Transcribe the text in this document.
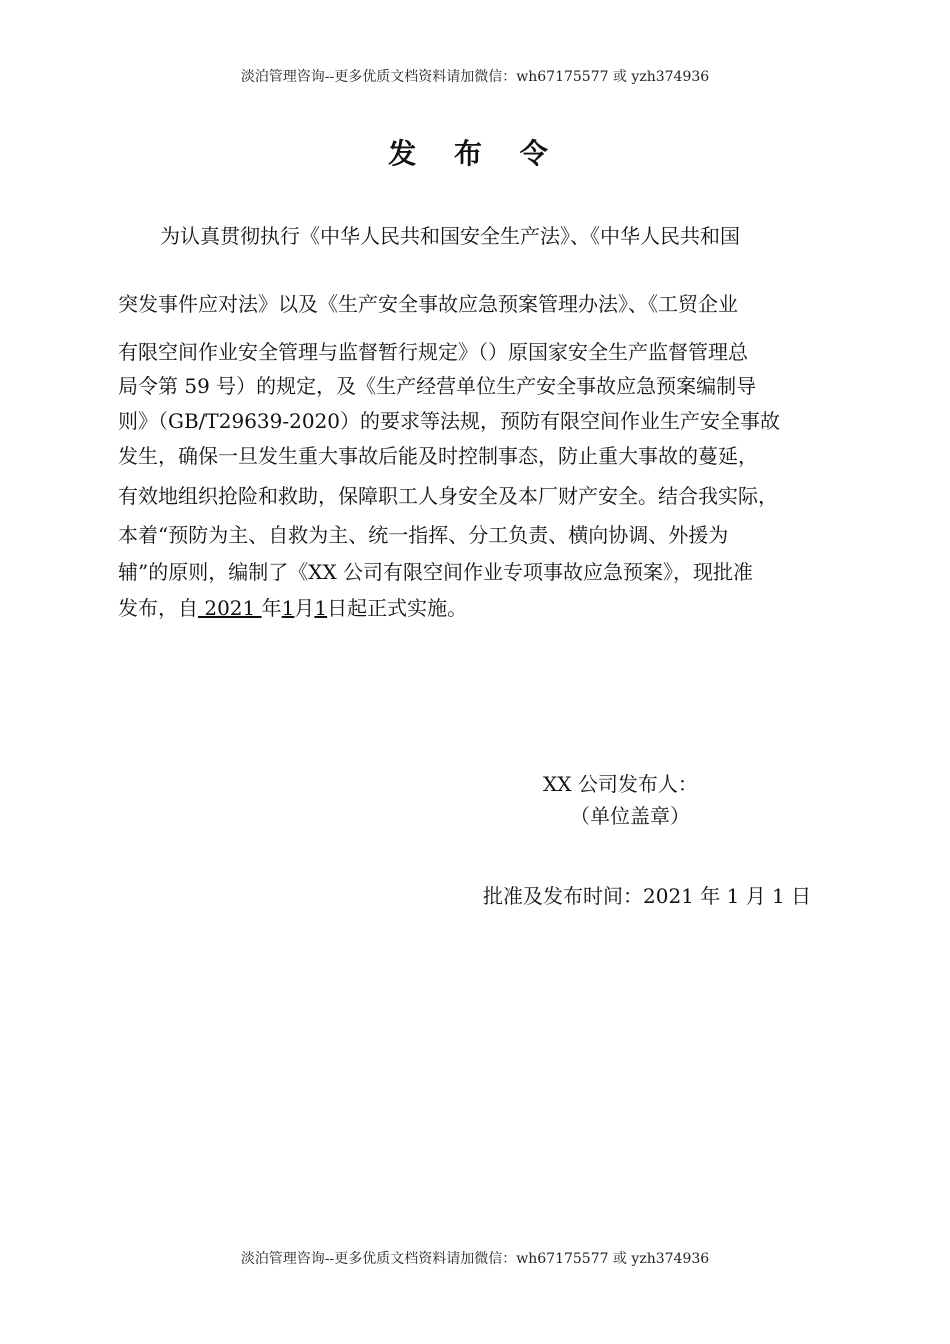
淡泊管理咨询--更多优质文档资料请加微信：wh67175577 或 yzh374936
发 布 令
为认真贯彻执行《中华人民共和国安全生产法》、《中华人民共和国
突发事件应对法》以及《生产安全事故应急预案管理办法》、《工贸企业
有限空间作业安全管理与监督暂行规定》（）原国家安全生产监督管理总
局令第 59 号）的规定，及《生产经营单位生产安全事故应急预案编制导
则》（GB/T29639-2020）的要求等法规，预防有限空间作业生产安全事故
发生，确保一旦发生重大事故后能及时控制事态，防止重大事故的蔓延，
有效地组织抢险和救助，保障职工人身安全及本厂财产安全。结合我实际，
本着“预防为主、自救为主、统一指挥、分工负责、横向协调、外援为
辅”的原则，编制了《XX 公司有限空间作业专项事故应急预案》，现批准
发布，自 2021 年1月1日起正式实施。
XX 公司发布人：
（单位盖章）
批准及发布时间：2021 年 1 月 1 日
淡泊管理咨询--更多优质文档资料请加微信：wh67175577 或 yzh374936
